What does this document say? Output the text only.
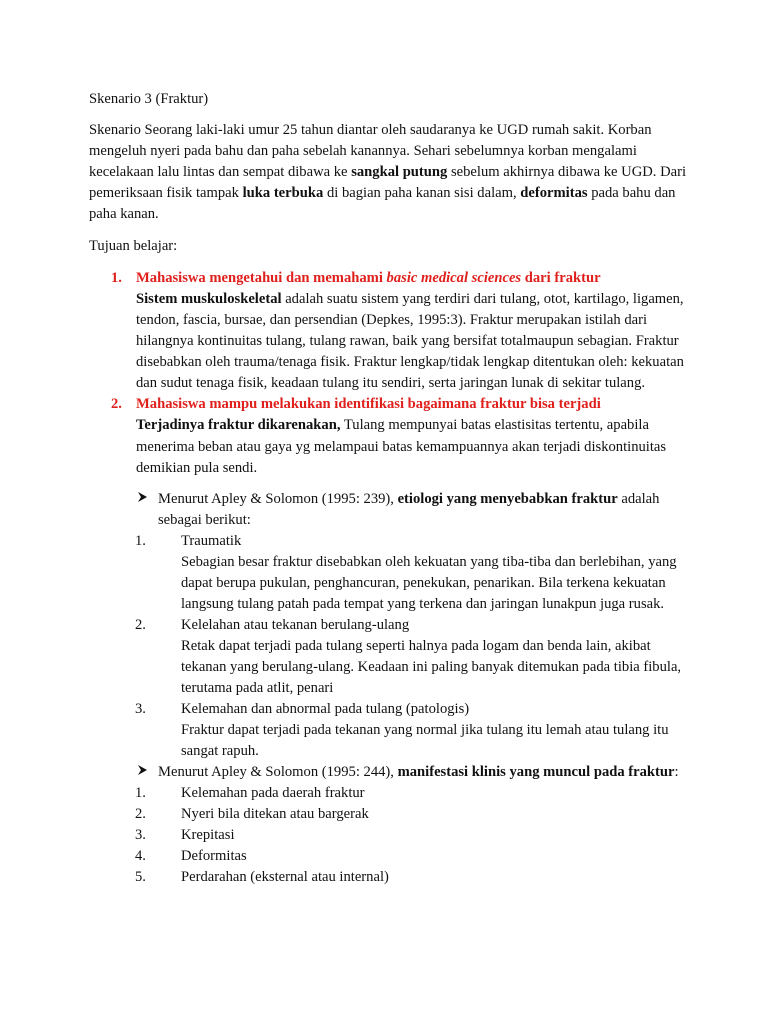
Skenario 3 (Fraktur)

Skenario Seorang laki-laki umur 25 tahun diantar oleh saudaranya ke UGD rumah sakit. Korban mengeluh nyeri pada bahu dan paha sebelah kanannya. Sehari sebelumnya korban mengalami kecelakaan lalu lintas dan sempat dibawa ke sangkal putung sebelum akhirnya dibawa ke UGD. Dari pemeriksaan fisik tampak luka terbuka di bagian paha kanan sisi dalam, deformitas pada bahu dan paha kanan.

Tujuan belajar:

1. Mahasiswa mengetahui dan memahami basic medical sciences dari fraktur
Sistem muskuloskeletal adalah suatu sistem yang terdiri dari tulang, otot, kartilago, ligamen, tendon, fascia, bursae, dan persendian (Depkes, 1995:3). Fraktur merupakan istilah dari hilangnya kontinuitas tulang, tulang rawan, baik yang bersifat totalmaupun sebagian. Fraktur disebabkan oleh trauma/tenaga fisik. Fraktur lengkap/tidak lengkap ditentukan oleh: kekuatan dan sudut tenaga fisik, keadaan tulang itu sendiri, serta jaringan lunak di sekitar tulang.
2. Mahasiswa mampu melakukan identifikasi bagaimana fraktur bisa terjadi
Terjadinya fraktur dikarenakan, Tulang mempunyai batas elastisitas tertentu, apabila menerima beban atau gaya yg melampaui batas kemampuannya akan terjadi diskontinuitas demikian pula sendi.
Menurut Apley & Solomon (1995: 239), etiologi yang menyebabkan fraktur adalah sebagai berikut:
1. Traumatik
Sebagian besar fraktur disebabkan oleh kekuatan yang tiba-tiba dan berlebihan, yang dapat berupa pukulan, penghancuran, penekukan, penarikan. Bila terkena kekuatan langsung tulang patah pada tempat yang terkena dan jaringan lunakpun juga rusak.
2. Kelelahan atau tekanan berulang-ulang
Retak dapat terjadi pada tulang seperti halnya pada logam dan benda lain, akibat tekanan yang berulang-ulang. Keadaan ini paling banyak ditemukan pada tibia fibula, terutama pada atlit, penari
3. Kelemahan dan abnormal pada tulang (patologis)
Fraktur dapat terjadi pada tekanan yang normal jika tulang itu lemah atau tulang itu sangat rapuh.
Menurut Apley & Solomon (1995: 244), manifestasi klinis yang muncul pada fraktur:
1. Kelemahan pada daerah fraktur
2. Nyeri bila ditekan atau bargerak
3. Krepitasi
4. Deformitas
5. Perdarahan (eksternal atau internal)
